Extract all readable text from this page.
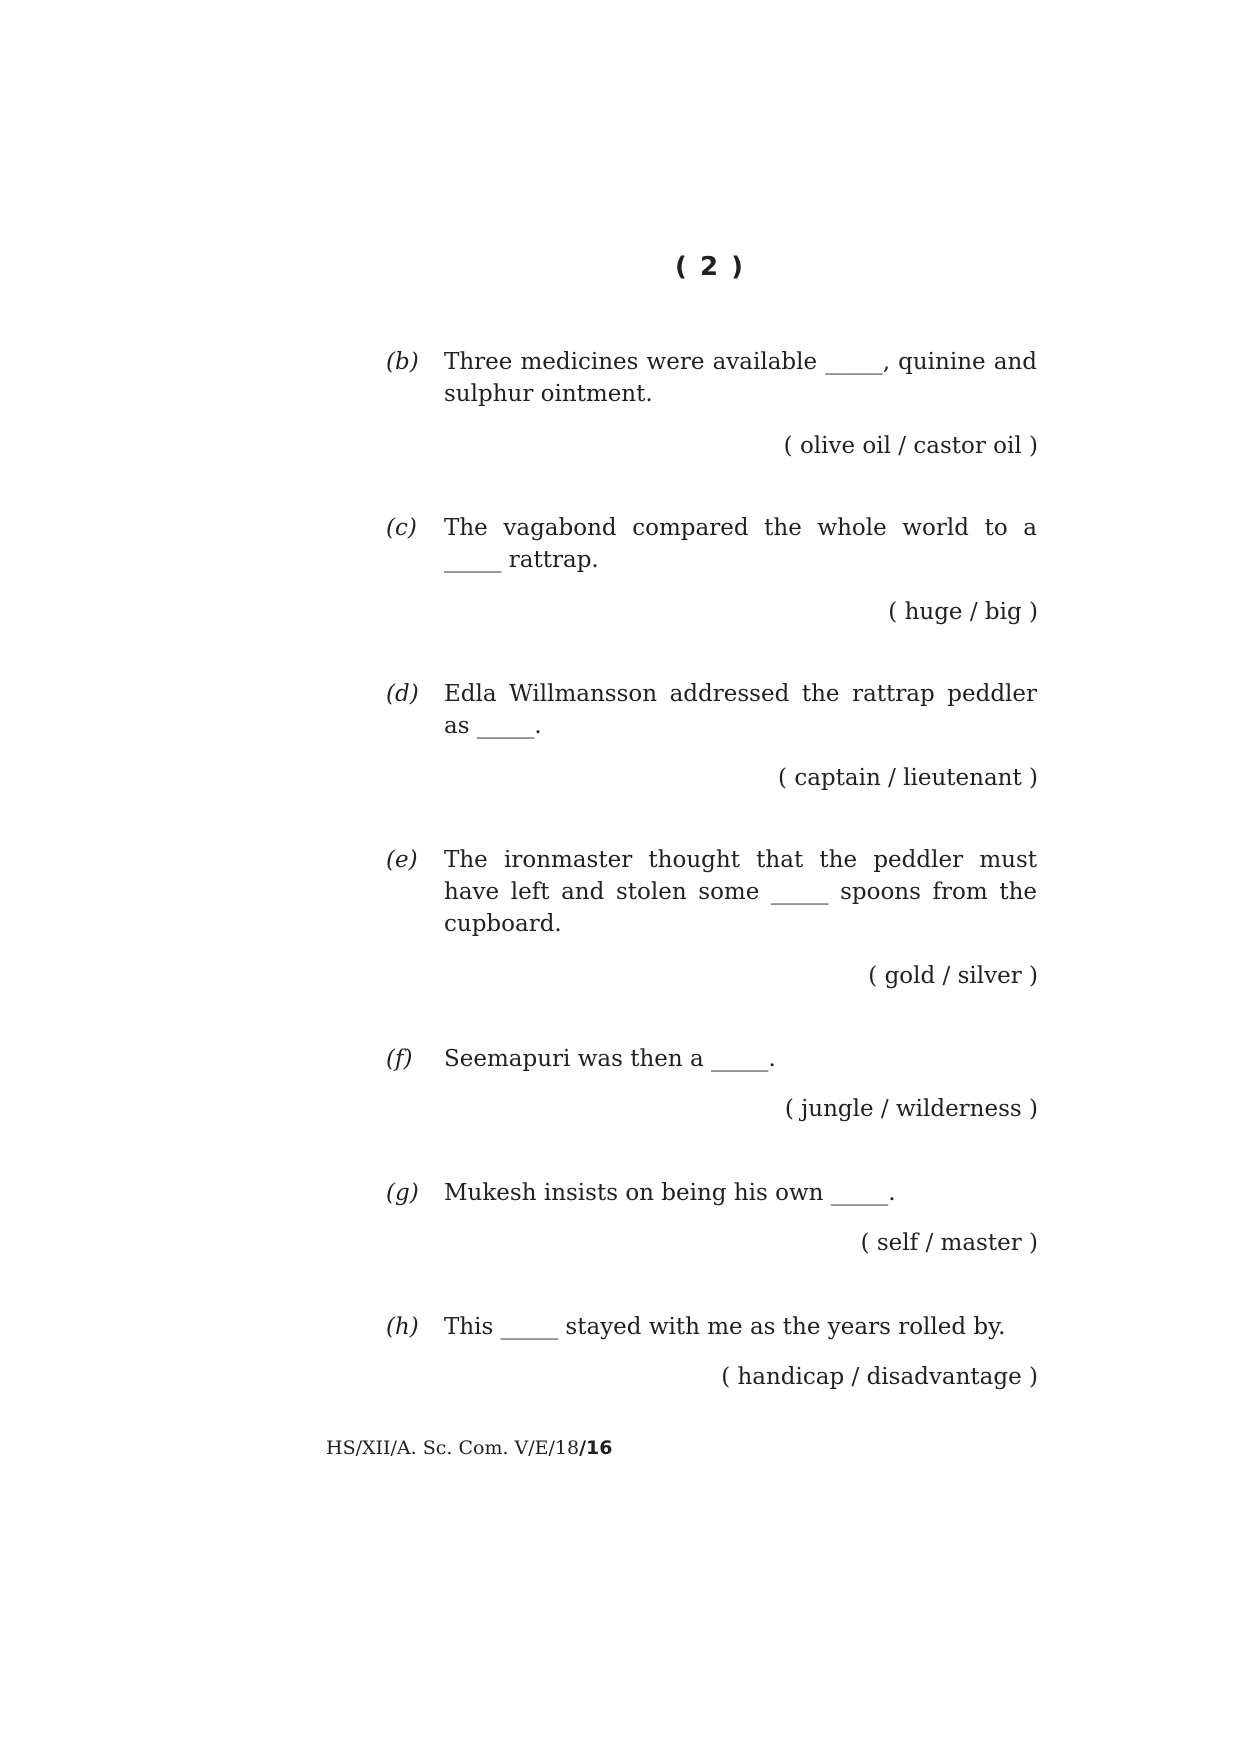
( 2 )
(b) Three medicines were available _____, quinine and sulphur ointment.
( olive oil / castor oil )
(c) The vagabond compared the whole world to a _____ rattrap.
( huge / big )
(d) Edla Willmansson addressed the rattrap peddler as _____.
( captain / lieutenant )
(e) The ironmaster thought that the peddler must have left and stolen some _____ spoons from the cupboard.
( gold / silver )
(f) Seemapuri was then a _____.
( jungle / wilderness )
(g) Mukesh insists on being his own _____.
( self / master )
(h) This _____ stayed with me as the years rolled by.
( handicap / disadvantage )
HS/XII/A. Sc. Com. V/E/18/16
